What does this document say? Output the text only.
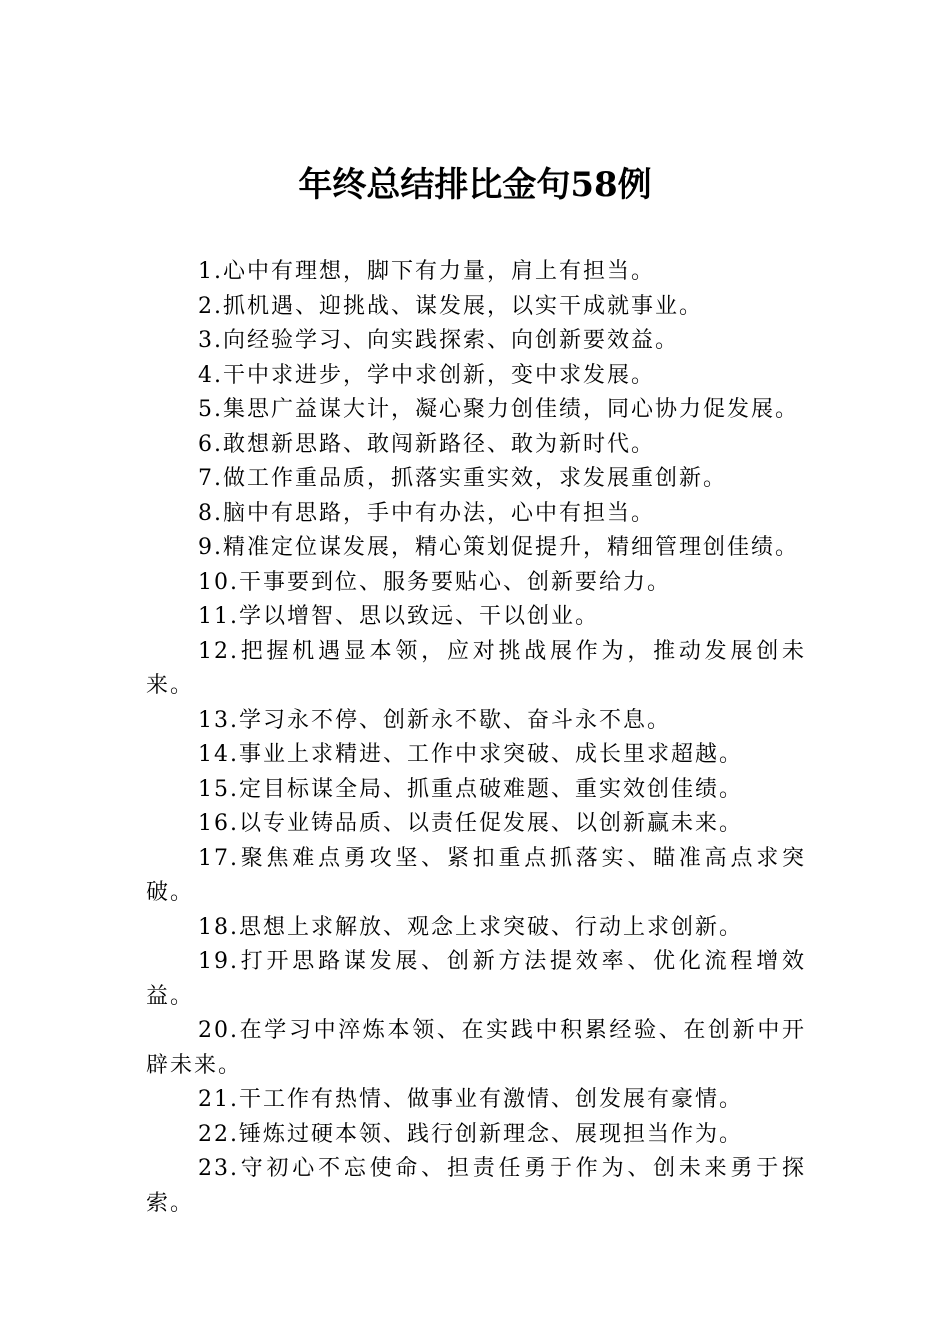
年终总结排比金句58例

1.心中有理想，脚下有力量，肩上有担当。

2.抓机遇、迎挑战、谋发展，以实干成就事业。

3.向经验学习、向实践探索、向创新要效益。

4.干中求进步，学中求创新，变中求发展。

5.集思广益谋大计，凝心聚力创佳绩，同心协力促发展。

6.敢想新思路、敢闯新路径、敢为新时代。

7.做工作重品质，抓落实重实效，求发展重创新。

8.脑中有思路，手中有办法，心中有担当。

9.精准定位谋发展，精心策划促提升，精细管理创佳绩。

10.干事要到位、服务要贴心、创新要给力。

11.学以增智、思以致远、干以创业。

12.把握机遇显本领，应对挑战展作为，推动发展创未来。

13.学习永不停、创新永不歇、奋斗永不息。

14.事业上求精进、工作中求突破、成长里求超越。

15.定目标谋全局、抓重点破难题、重实效创佳绩。

16.以专业铸品质、以责任促发展、以创新赢未来。

17.聚焦难点勇攻坚、紧扣重点抓落实、瞄准高点求突破。

18.思想上求解放、观念上求突破、行动上求创新。

19.打开思路谋发展、创新方法提效率、优化流程增效益。

20.在学习中淬炼本领、在实践中积累经验、在创新中开辟未来。

21.干工作有热情、做事业有激情、创发展有豪情。

22.锤炼过硬本领、践行创新理念、展现担当作为。

23.守初心不忘使命、担责任勇于作为、创未来勇于探索。
